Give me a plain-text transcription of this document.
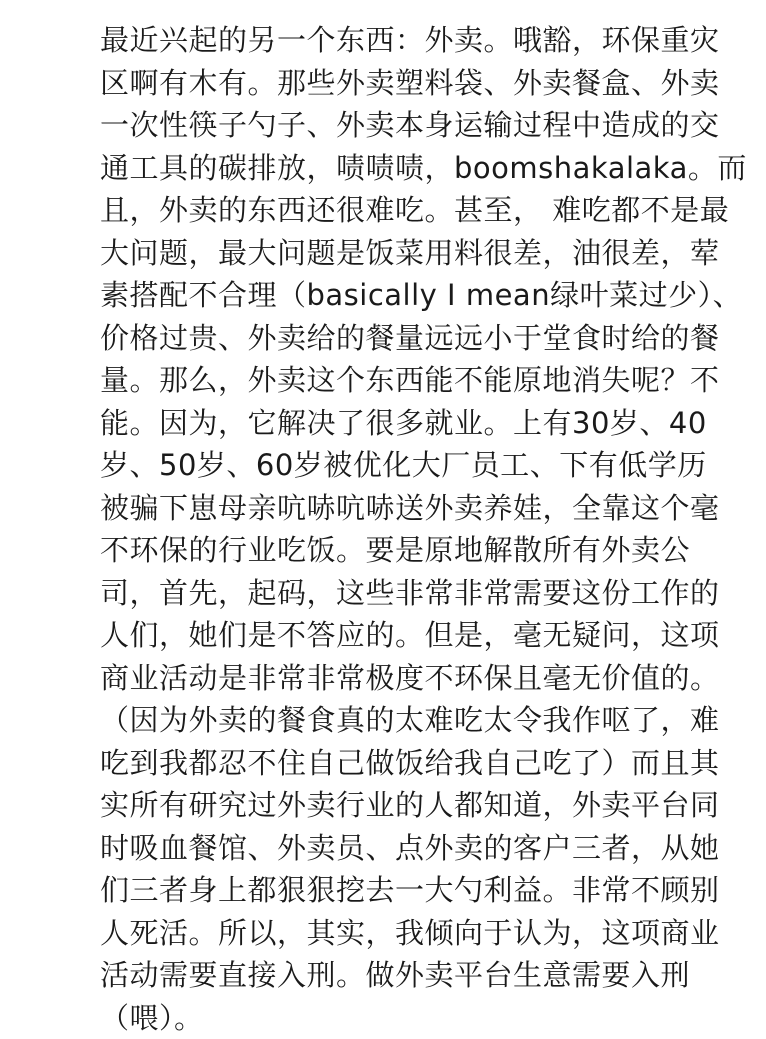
最近兴起的另一个东西：外卖。哦豁，环保重灾
区啊有木有。那些外卖塑料袋、外卖餐盒、外卖
一次性筷子勺子、外卖本身运输过程中造成的交
通工具的碳排放，啧啧啧，boomshakalaka。而
且，外卖的东西还很难吃。甚至， 难吃都不是最
大问题，最大问题是饭菜用料很差，油很差，荤
素搭配不合理（basically I mean绿叶菜过少）、
价格过贵、外卖给的餐量远远小于堂食时给的餐
量。那么，外卖这个东西能不能原地消失呢？不
能。因为，它解决了很多就业。上有30岁、40
岁、50岁、60岁被优化大厂员工、下有低学历
被骗下崽母亲吭哧吭哧送外卖养娃，全靠这个毫
不环保的行业吃饭。要是原地解散所有外卖公
司，首先，起码，这些非常非常需要这份工作的
人们，她们是不答应的。但是，毫无疑问，这项
商业活动是非常非常极度不环保且毫无价值的。
（因为外卖的餐食真的太难吃太令我作呕了，难
吃到我都忍不住自己做饭给我自己吃了）而且其
实所有研究过外卖行业的人都知道，外卖平台同
时吸血餐馆、外卖员、点外卖的客户三者，从她
们三者身上都狠狠挖去一大勺利益。非常不顾别
人死活。所以，其实，我倾向于认为，这项商业
活动需要直接入刑。做外卖平台生意需要入刑
（喂）。
